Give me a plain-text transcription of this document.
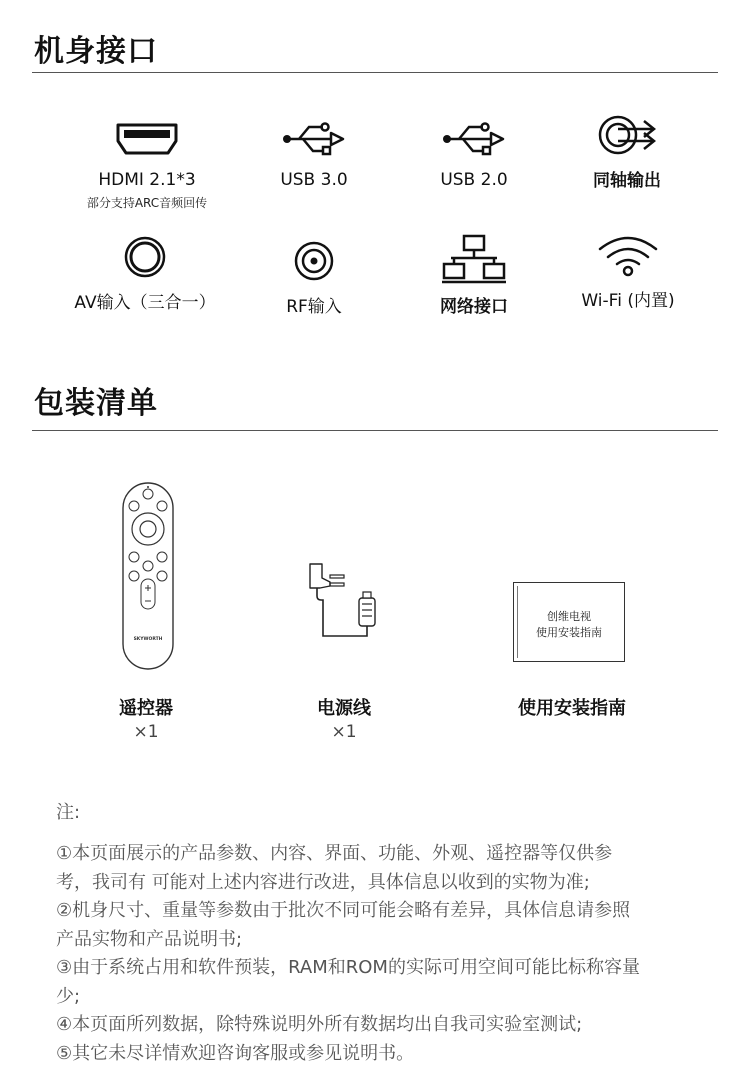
机身接口
HDMI 2.1*3
部分支持ARC音频回传
USB 3.0	USB 2.0	同轴输出
AV输入（三合一）	RF输入	网络接口	Wi-Fi (内置)
包装清单
SKYWORTH
遥控器
×1
电源线
×1
创维电视
使用安装指南
使用安装指南
注:
①本页面展示的产品参数、内容、界面、功能、外观、遥控器等仅供参
考，我司有 可能对上述内容进行改进，具体信息以收到的实物为准;
②机身尺寸、重量等参数由于批次不同可能会略有差异，具体信息请参照
产品实物和产品说明书;
③由于系统占用和软件预装，RAM和ROM的实际可用空间可能比标称容量
少;
④本页面所列数据，除特殊说明外所有数据均出自我司实验室测试;
⑤其它未尽详情欢迎咨询客服或参见说明书。
